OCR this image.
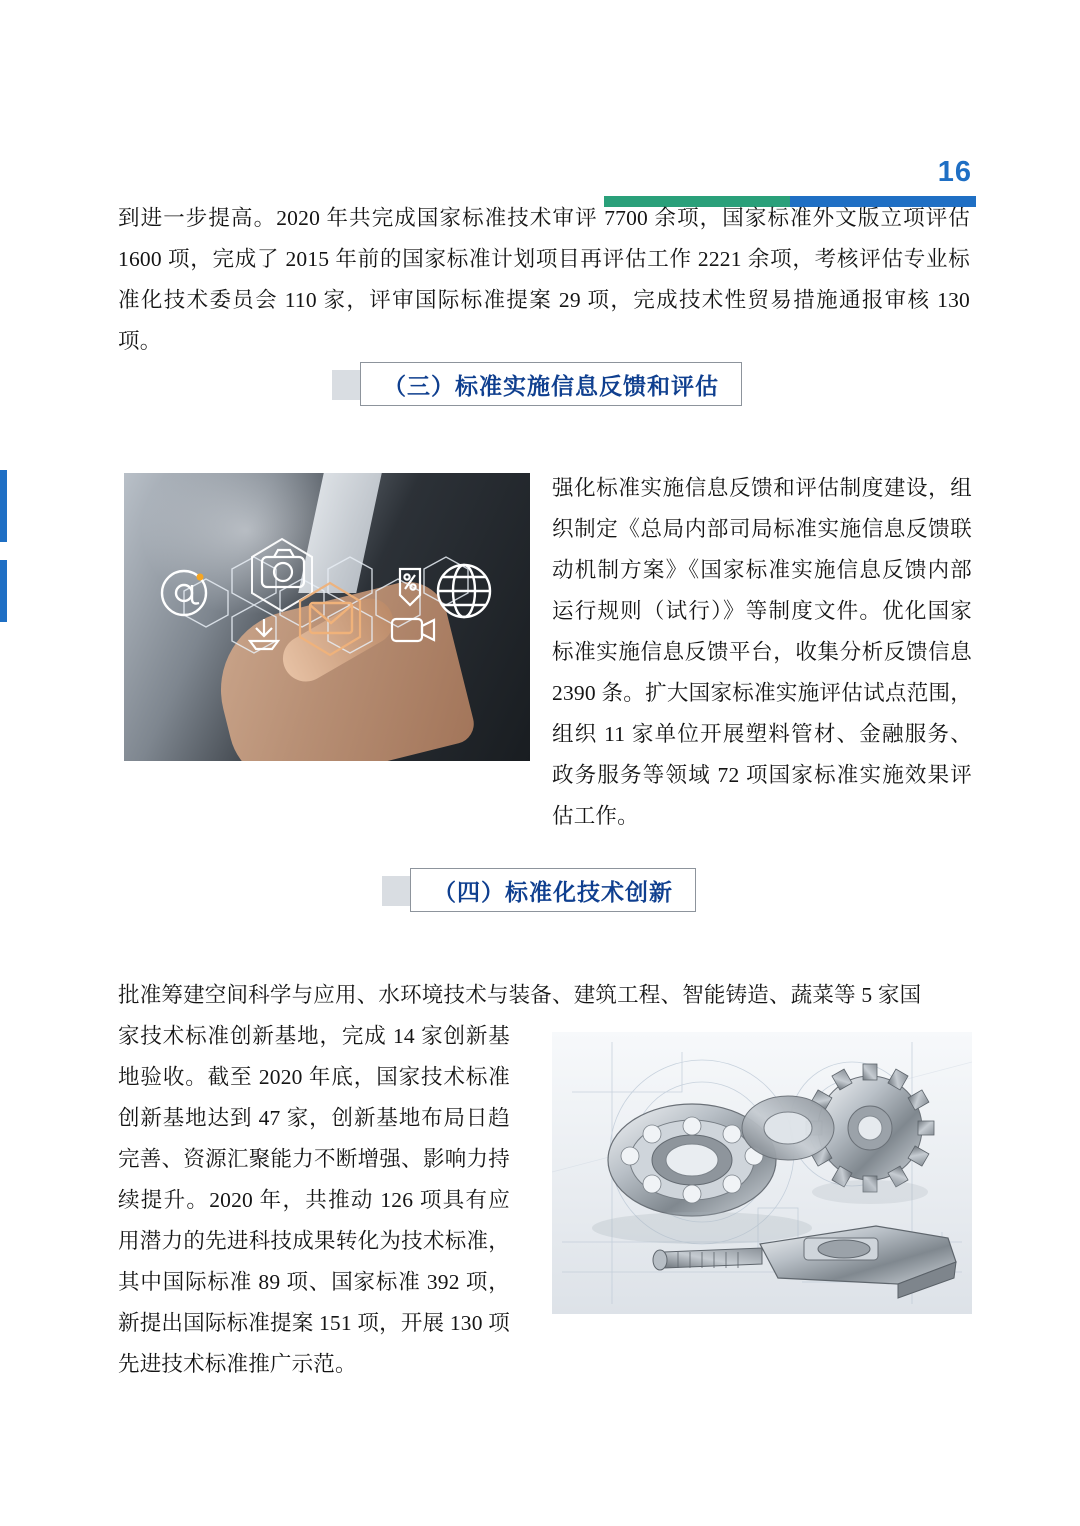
16
到进一步提高。2020 年共完成国家标准技术审评 7700 余项，国家标准外文版立项评估 1600 项，完成了 2015 年前的国家标准计划项目再评估工作 2221 余项，考核评估专业标准化技术委员会 110 家，评审国际标准提案 29 项，完成技术性贸易措施通报审核 130 项。
（三）标准实施信息反馈和评估
强化标准实施信息反馈和评估制度建设，组织制定《总局内部司局标准实施信息反馈联动机制方案》《国家标准实施信息反馈内部运行规则（试行）》等制度文件。优化国家标准实施信息反馈平台，收集分析反馈信息 2390 条。扩大国家标准实施评估试点范围，组织 11 家单位开展塑料管材、金融服务、政务服务等领域 72 项国家标准实施效果评估工作。
（四）标准化技术创新
批准筹建空间科学与应用、水环境技术与装备、建筑工程、智能铸造、蔬菜等 5 家国
家技术标准创新基地，完成 14 家创新基地验收。截至 2020 年底，国家技术标准创新基地达到 47 家，创新基地布局日趋完善、资源汇聚能力不断增强、影响力持续提升。2020 年，共推动 126 项具有应用潜力的先进科技成果转化为技术标准，其中国际标准 89 项、国家标准 392 项，新提出国际标准提案 151 项，开展 130 项先进技术标准推广示范。
